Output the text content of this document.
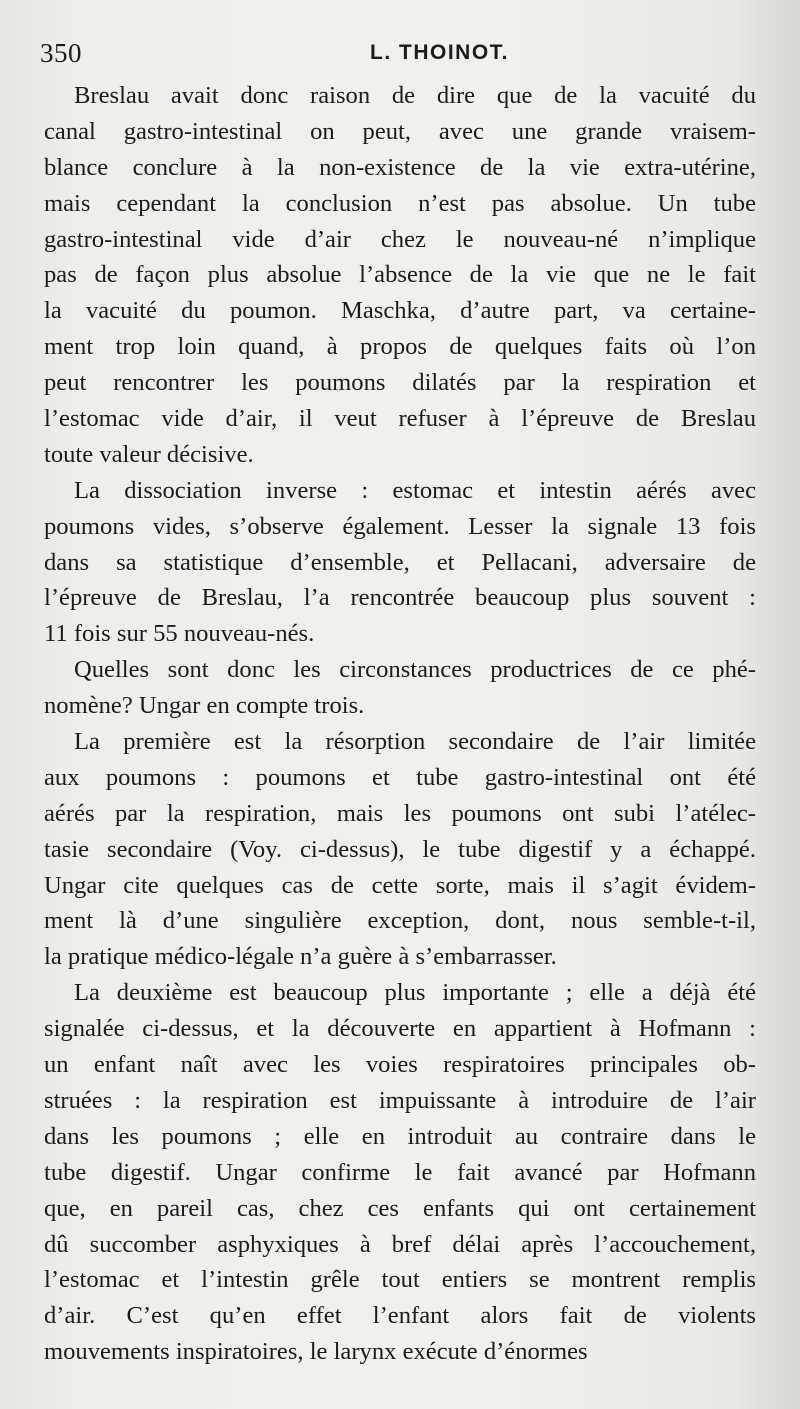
350	L. THOINOT.
Breslau avait donc raison de dire que de la vacuité du
canal gastro-intestinal on peut, avec une grande vraisem-
blance conclure à la non-existence de la vie extra-utérine,
mais cependant la conclusion n’est pas absolue. Un tube
gastro-intestinal vide d’air chez le nouveau-né n’implique
pas de façon plus absolue l’absence de la vie que ne le fait
la vacuité du poumon. Maschka, d’autre part, va certaine-
ment trop loin quand, à propos de quelques faits où l’on
peut rencontrer les poumons dilatés par la respiration et
l’estomac vide d’air, il veut refuser à l’épreuve de Breslau
toute valeur décisive.
La dissociation inverse : estomac et intestin aérés avec
poumons vides, s’observe également. Lesser la signale 13 fois
dans sa statistique d’ensemble, et Pellacani, adversaire de
l’épreuve de Breslau, l’a rencontrée beaucoup plus souvent :
11 fois sur 55 nouveau-nés.
Quelles sont donc les circonstances productrices de ce phé-
nomène? Ungar en compte trois.
La première est la résorption secondaire de l’air limitée
aux poumons : poumons et tube gastro-intestinal ont été
aérés par la respiration, mais les poumons ont subi l’atélec-
tasie secondaire (Voy. ci-dessus), le tube digestif y a échappé.
Ungar cite quelques cas de cette sorte, mais il s’agit évidem-
ment là d’une singulière exception, dont, nous semble-t-il,
la pratique médico-légale n’a guère à s’embarrasser.
La deuxième est beaucoup plus importante ; elle a déjà été
signalée ci-dessus, et la découverte en appartient à Hofmann :
un enfant naît avec les voies respiratoires principales ob-
struées : la respiration est impuissante à introduire de l’air
dans les poumons ; elle en introduit au contraire dans le
tube digestif. Ungar confirme le fait avancé par Hofmann
que, en pareil cas, chez ces enfants qui ont certainement
dû succomber asphyxiques à bref délai après l’accouchement,
l’estomac et l’intestin grêle tout entiers se montrent remplis
d’air. C’est qu’en effet l’enfant alors fait de violents
mouvements inspiratoires, le larynx exécute d’énormes
